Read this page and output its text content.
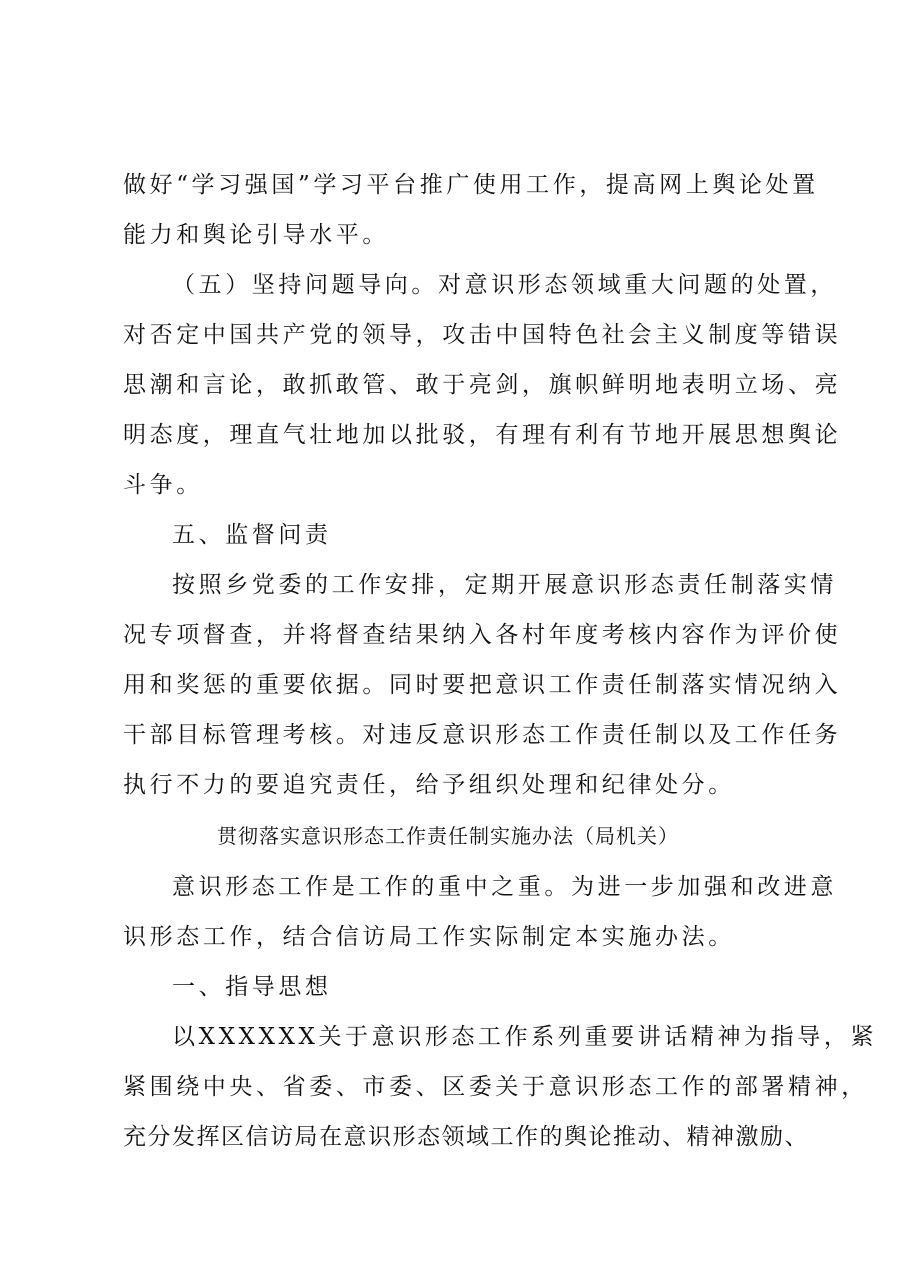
做好“学习强国”学习平台推广使用工作，提高网上舆论处置
能力和舆论引导水平。
（五）坚持问题导向。对意识形态领域重大问题的处置，
对否定中国共产党的领导，攻击中国特色社会主义制度等错误
思潮和言论，敢抓敢管、敢于亮剑，旗帜鲜明地表明立场、亮
明态度，理直气壮地加以批驳，有理有利有节地开展思想舆论
斗争。
五、监督问责
按照乡党委的工作安排，定期开展意识形态责任制落实情
况专项督查，并将督查结果纳入各村年度考核内容作为评价使
用和奖惩的重要依据。同时要把意识工作责任制落实情况纳入
干部目标管理考核。对违反意识形态工作责任制以及工作任务
执行不力的要追究责任，给予组织处理和纪律处分。
贯彻落实意识形态工作责任制实施办法（局机关）
意识形态工作是工作的重中之重。为进一步加强和改进意
识形态工作，结合信访局工作实际制定本实施办法。
一、指导思想
以XXXXXX关于意识形态工作系列重要讲话精神为指导，紧
紧围绕中央、省委、市委、区委关于意识形态工作的部署精神，
充分发挥区信访局在意识形态领域工作的舆论推动、精神激励、
